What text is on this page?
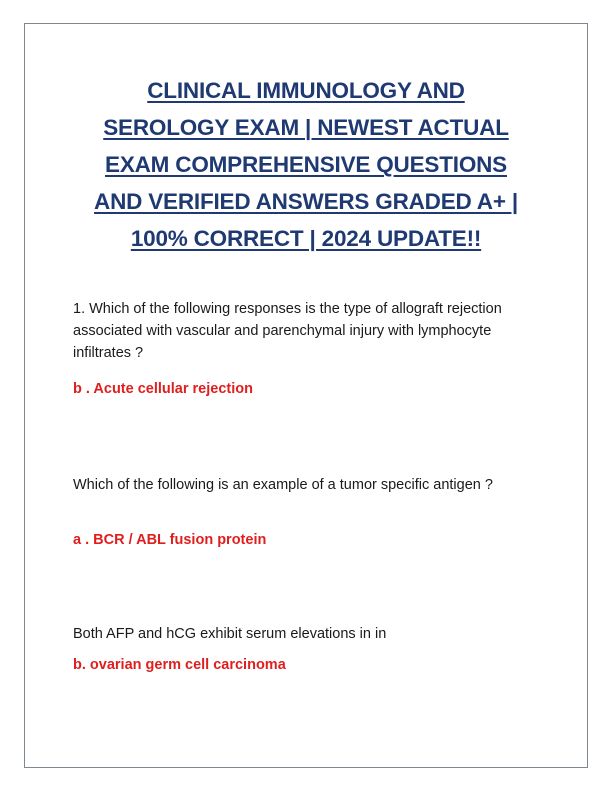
CLINICAL IMMUNOLOGY AND
SEROLOGY EXAM | NEWEST ACTUAL
EXAM COMPREHENSIVE QUESTIONS
AND VERIFIED ANSWERS GRADED A+ |
100% CORRECT | 2024 UPDATE!!
1. Which of the following responses is the type of allograft rejection associated with vascular and parenchymal injury with lymphocyte infiltrates ?
b . Acute cellular rejection
Which of the following is an example of a tumor specific antigen ?
a . BCR / ABL fusion protein
Both AFP and hCG exhibit serum elevations in in
b. ovarian germ cell carcinoma
